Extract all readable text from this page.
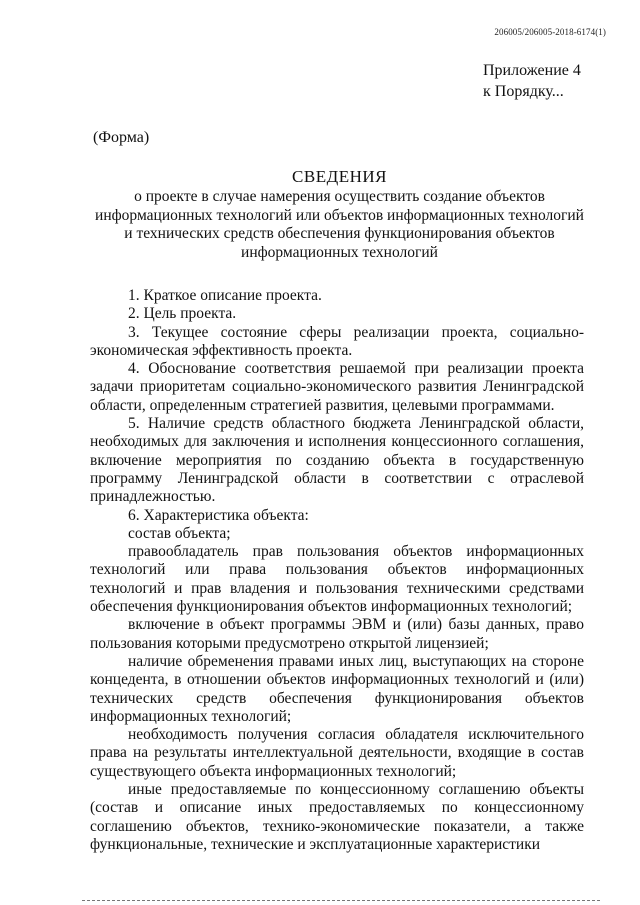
206005/206005-2018-6174(1)
Приложение 4
к Порядку...
(Форма)
СВЕДЕНИЯ
о проекте в случае намерения осуществить создание объектов
информационных технологий или объектов информационных технологий
и технических средств обеспечения функционирования объектов
информационных технологий

1. Краткое описание проекта.

2. Цель проекта.

3. Текущее состояние сферы реализации проекта, социально-экономическая эффективность проекта.

4. Обоснование соответствия решаемой при реализации проекта задачи приоритетам социально-экономического развития Ленинградской области, определенным стратегией развития, целевыми программами.

5. Наличие средств областного бюджета Ленинградской области, необходимых для заключения и исполнения концессионного соглашения, включение мероприятия по созданию объекта в государственную программу Ленинградской области в соответствии с отраслевой принадлежностью.

6. Характеристика объекта:

состав объекта;

правообладатель прав пользования объектов информационных технологий или права пользования объектов информационных технологий и прав владения и пользования техническими средствами обеспечения функционирования объектов информационных технологий;

включение в объект программы ЭВМ и (или) базы данных, право пользования которыми предусмотрено открытой лицензией;

наличие обременения правами иных лиц, выступающих на стороне концедента, в отношении объектов информационных технологий и (или) технических средств обеспечения функционирования объектов информационных технологий;

необходимость получения согласия обладателя исключительного права на результаты интеллектуальной деятельности, входящие в состав существующего объекта информационных технологий;

иные предоставляемые по концессионному соглашению объекты (состав и описание иных предоставляемых по концессионному соглашению объектов, технико-экономические показатели, а также функциональные, технические и эксплуатационные характеристики
